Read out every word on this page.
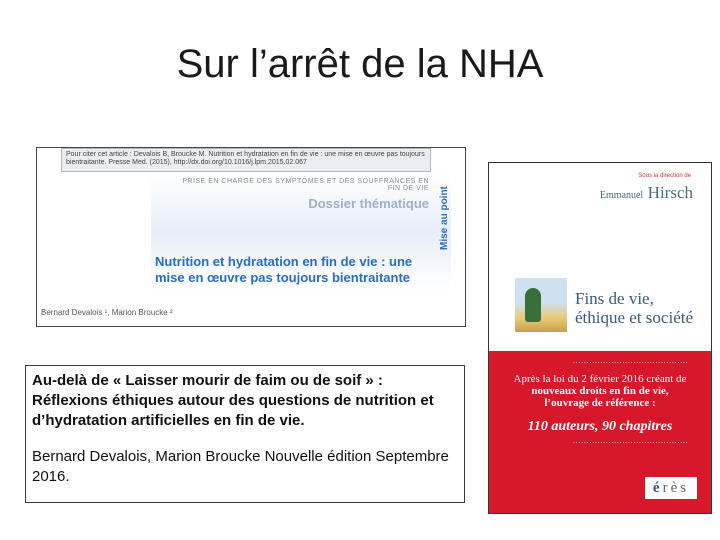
Sur l’arrêt de la NHA
Pour citer cet article : Devalois B, Broucke M. Nutrition et hydratation en fin de vie : une mise en œuvre pas toujours bientraitante. Presse Med. (2015), http://dx.doi.org/10.1016/j.lpm.2015.02.067
PRISE EN CHARGE DES SYMPTÔMES ET DES SOUFFRANCES EN FIN DE VIE
Dossier thématique Mise au point
Nutrition et hydratation en fin de vie : une mise en œuvre pas toujours bientraitante
Bernard Devalois ¹, Marion Broucke ²

Au-delà de « Laisser mourir de faim ou de soif » : Réflexions éthiques autour des questions de nutrition et d’hydratation artificielles en fin de vie.

Bernard Devalois, Marion Broucke Nouvelle édition Septembre 2016.

Sous la direction de
Emmanuel Hirsch
Fins de vie,
éthique et société
..........................................
Après la loi du 2 février 2016 créant de
nouveaux droits en fin de vie,
l’ouvrage de référence :
110 auteurs, 90 chapitres
..........................................
érès
